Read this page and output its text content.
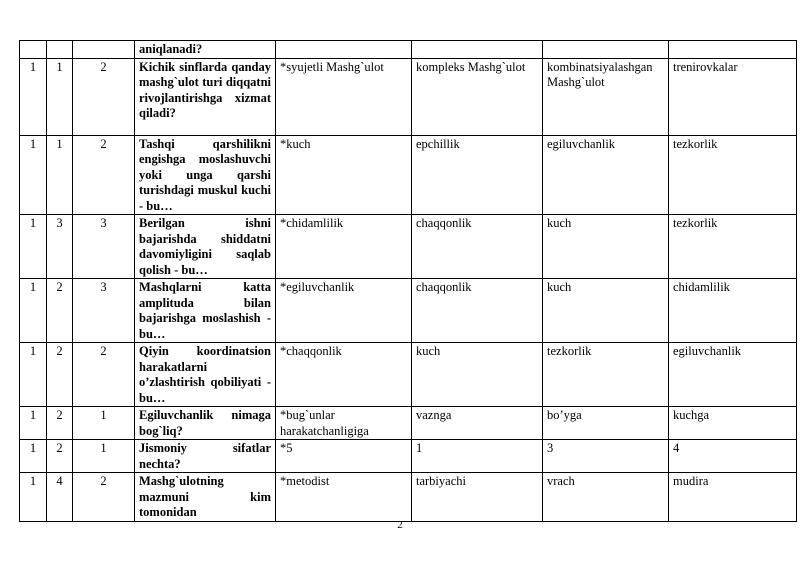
			aniqlanadi?				
1	1	2	Kichik sinflarda qanday mashg`ulot turi diqqatni rivojlantirishga xizmat qiladi?	*syujetli Mashg`ulot	kompleks Mashg`ulot	kombinatsiyalashgan Mashg`ulot	trenirovkalar
1	1	2	Tashqi qarshilikni engishga moslashuvchi yoki unga qarshi turishdagi muskul kuchi - bu…	*kuch	epchillik	egiluvchanlik	tezkorlik
1	3	3	Berilgan ishni bajarishda shiddatni davomiyligini saqlab qolish - bu…	*chidamlilik	chaqqonlik	kuch	tezkorlik
1	2	3	Mashqlarni katta amplituda bilan bajarishga moslashish - bu…	*egiluvchanlik	chaqqonlik	kuch	chidamlilik
1	2	2	Qiyin koordinatsion harakatlarni o’zlashtirish qobiliyati - bu…	*chaqqonlik	kuch	tezkorlik	egiluvchanlik
1	2	1	Egiluvchanlik nimaga bog`liq?	*bug`unlar harakatchanligiga	vaznga	bo’yga	kuchga
1	2	1	Jismoniy sifatlar nechta?	*5	1	3	4
1	4	2	Mashg`ulotning mazmuni kim tomonidan	*metodist	tarbiyachi	vrach	mudira
2
